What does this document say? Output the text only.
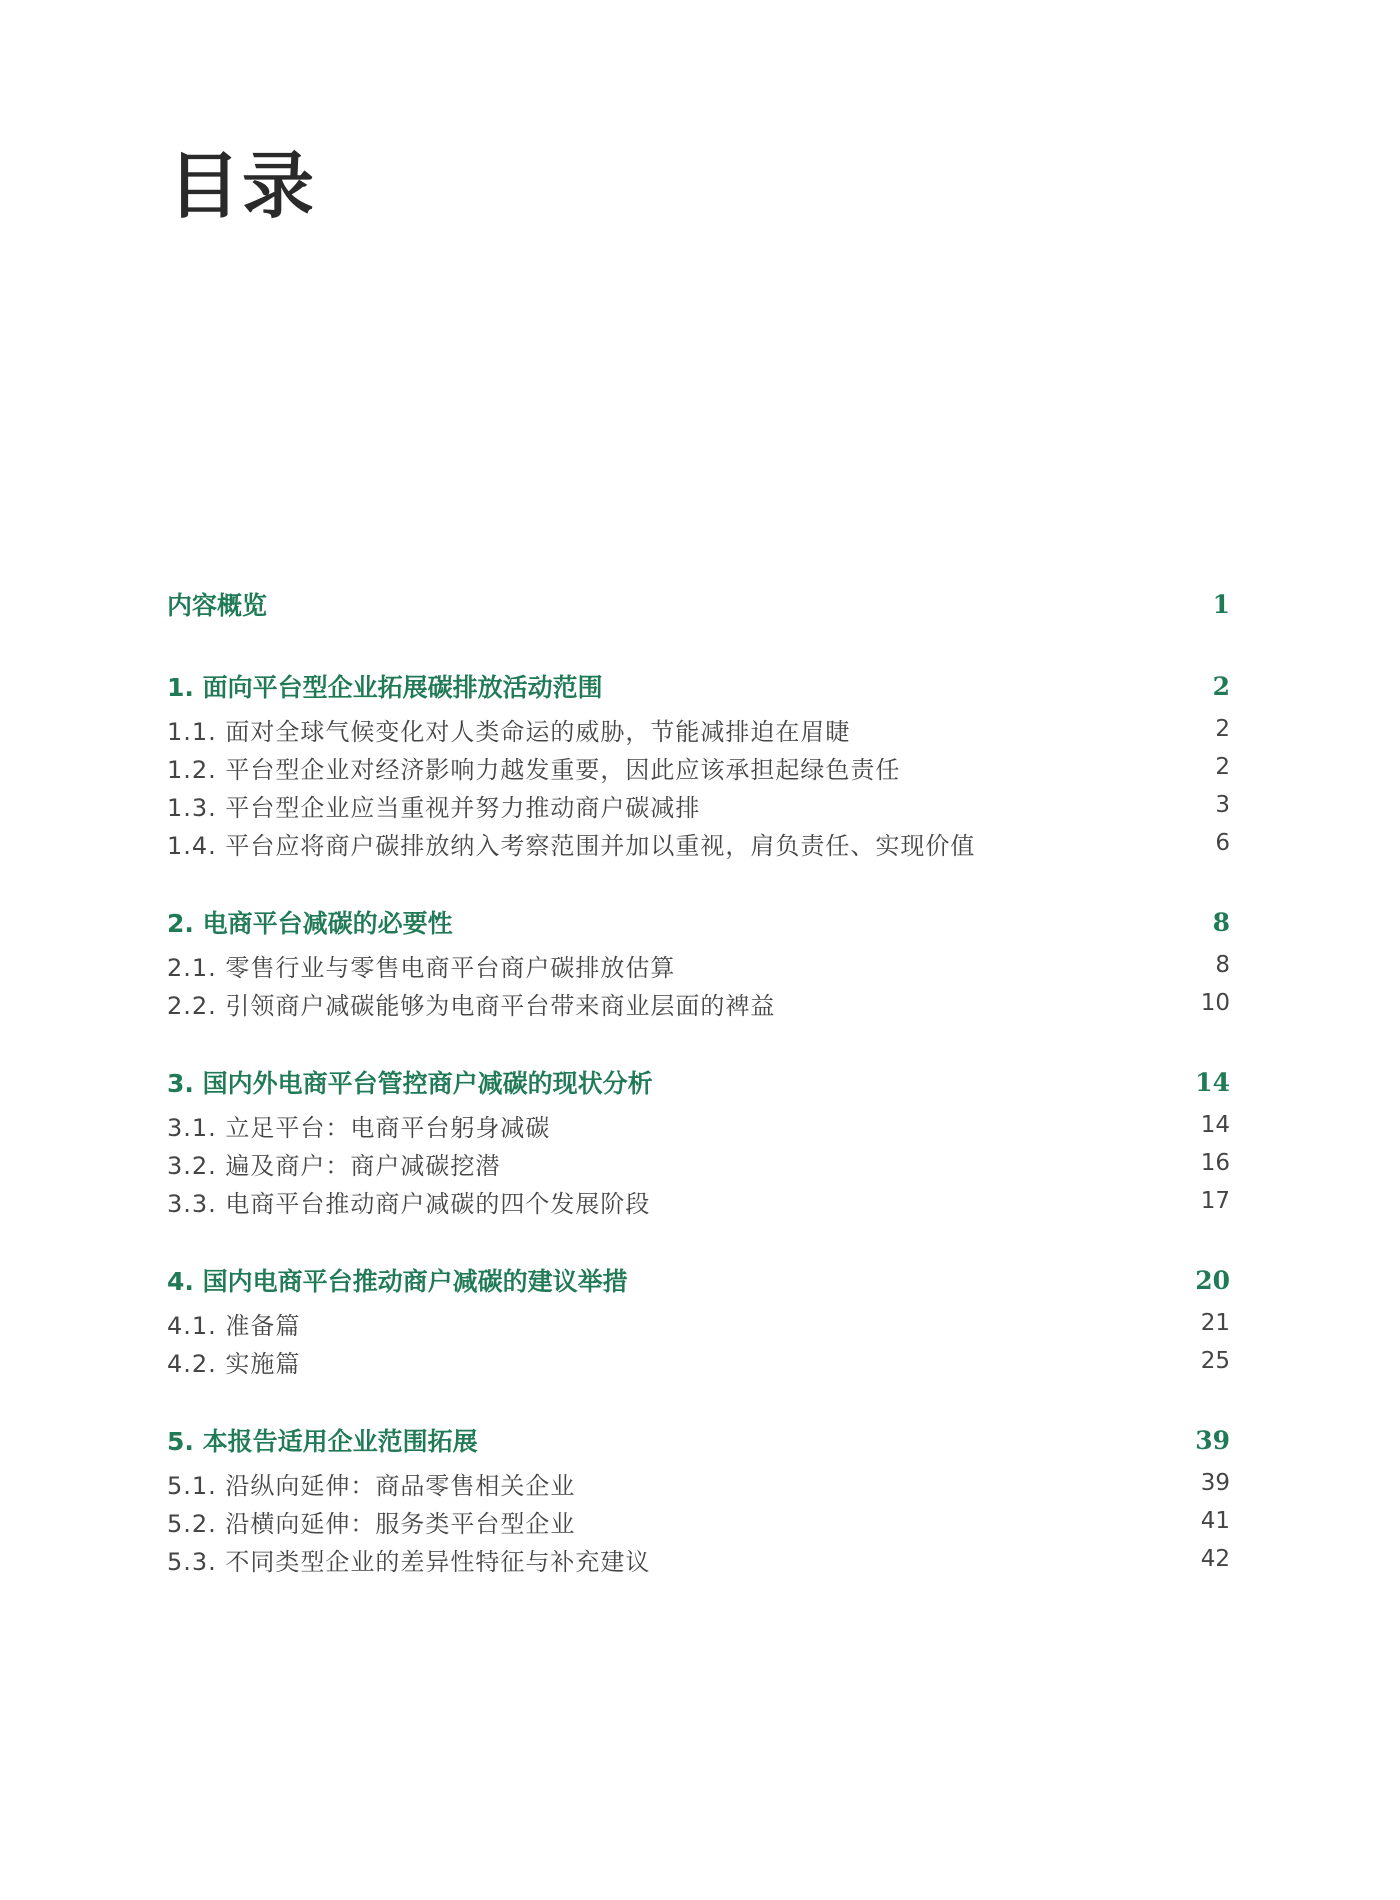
目录
内容概览	1
1. 面向平台型企业拓展碳排放活动范围	2
1.1. 面对全球气候变化对人类命运的威胁，节能减排迫在眉睫	2
1.2. 平台型企业对经济影响力越发重要，因此应该承担起绿色责任	2
1.3. 平台型企业应当重视并努力推动商户碳减排	3
1.4. 平台应将商户碳排放纳入考察范围并加以重视，肩负责任、实现价值	6
2. 电商平台减碳的必要性	8
2.1. 零售行业与零售电商平台商户碳排放估算	8
2.2. 引领商户减碳能够为电商平台带来商业层面的裨益	10
3. 国内外电商平台管控商户减碳的现状分析	14
3.1. 立足平台：电商平台躬身减碳	14
3.2. 遍及商户：商户减碳挖潜	16
3.3. 电商平台推动商户减碳的四个发展阶段	17
4. 国内电商平台推动商户减碳的建议举措	20
4.1. 准备篇	21
4.2. 实施篇	25
5. 本报告适用企业范围拓展	39
5.1. 沿纵向延伸：商品零售相关企业	39
5.2. 沿横向延伸：服务类平台型企业	41
5.3. 不同类型企业的差异性特征与补充建议	42
